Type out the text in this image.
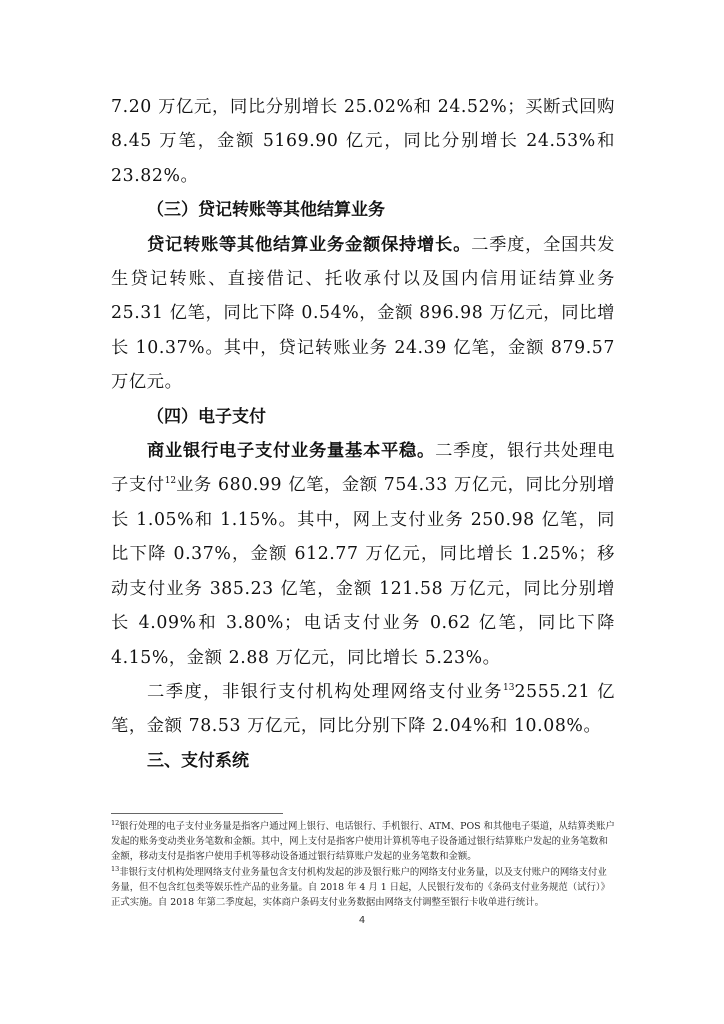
7.20 万亿元，同比分别增长 25.02%和 24.52%；买断式回购 8.45 万笔，金额 5169.90 亿元，同比分别增长 24.53%和 23.82%。

（三）贷记转账等其他结算业务

贷记转账等其他结算业务金额保持增长。二季度，全国共发生贷记转账、直接借记、托收承付以及国内信用证结算业务 25.31 亿笔，同比下降 0.54%，金额 896.98 万亿元，同比增长 10.37%。其中，贷记转账业务 24.39 亿笔，金额 879.57 万亿元。

（四）电子支付

商业银行电子支付业务量基本平稳。二季度，银行共处理电子支付$^{12}$业务 680.99 亿笔，金额 754.33 万亿元，同比分别增长 1.05%和 1.15%。其中，网上支付业务 250.98 亿笔，同比下降 0.37%，金额 612.77 万亿元，同比增长 1.25%；移动支付业务 385.23 亿笔，金额 121.58 万亿元，同比分别增长 4.09%和 3.80%；电话支付业务 0.62 亿笔，同比下降 4.15%，金额 2.88 万亿元，同比增长 5.23%。

二季度，非银行支付机构处理网络支付业务$^{13}$2555.21 亿笔，金额 78.53 万亿元，同比分别下降 2.04%和 10.08%。

三、支付系统

$^{12}$银行处理的电子支付业务量是指客户通过网上银行、电话银行、手机银行、ATM、POS 和其他电子渠道，从结算类账户发起的账务变动类业务笔数和金额。其中，网上支付是指客户使用计算机等电子设备通过银行结算账户发起的业务笔数和金额，移动支付是指客户使用手机等移动设备通过银行结算账户发起的业务笔数和金额。

$^{13}$非银行支付机构处理网络支付业务量包含支付机构发起的涉及银行账户的网络支付业务量，以及支付账户的网络支付业务量，但不包含红包类等娱乐性产品的业务量。自 2018 年 4 月 1 日起，人民银行发布的《条码支付业务规范（试行）》正式实施。自 2018 年第二季度起，实体商户条码支付业务数据由网络支付调整至银行卡收单进行统计。

4
